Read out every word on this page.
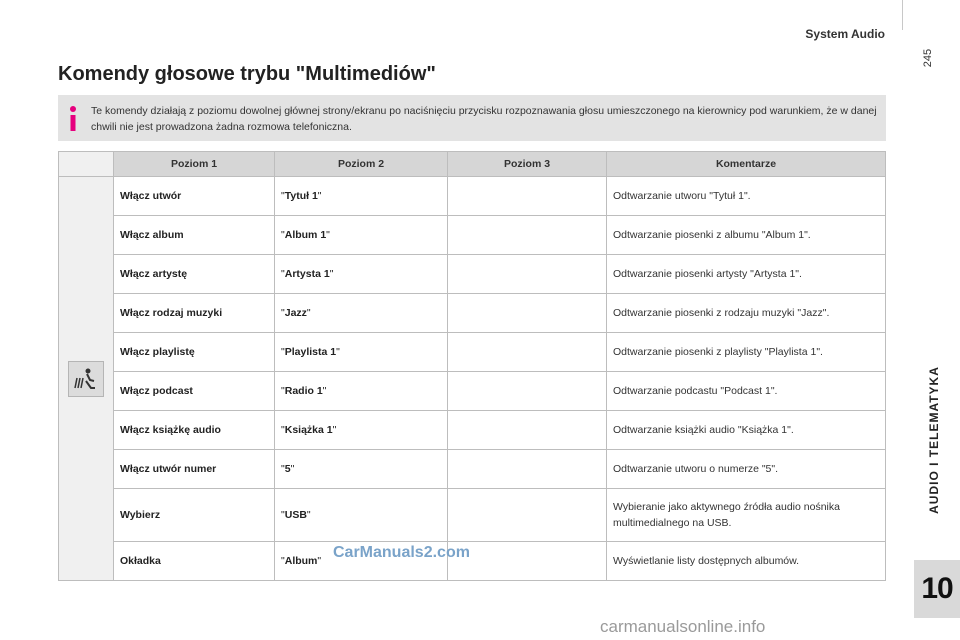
System Audio
245
AUDIO I TELEMATYKA
10
Komendy głosowe trybu "Multimediów"
Te komendy działają z poziomu dowolnej głównej strony/ekranu po naciśnięciu przycisku rozpoznawania głosu umieszczonego na kierownicy pod warunkiem, że w danej chwili nie jest prowadzona żadna rozmowa telefoniczna.
	Poziom 1	Poziom 2	Poziom 3	Komentarze

	Włącz utwór	"Tytuł 1"		Odtwarzanie utworu "Tytuł 1".
	Włącz album	"Album 1"		Odtwarzanie piosenki z albumu "Album 1".
	Włącz artystę	"Artysta 1"		Odtwarzanie piosenki artysty "Artysta 1".
	Włącz rodzaj muzyki	"Jazz"		Odtwarzanie piosenki z rodzaju muzyki "Jazz".
	Włącz playlistę	"Playlista 1"		Odtwarzanie piosenki z playlisty "Playlista 1".
	Włącz podcast	"Radio 1"		Odtwarzanie podcastu "Podcast 1".
	Włącz książkę audio	"Książka 1"		Odtwarzanie książki audio "Książka 1".
	Włącz utwór numer	"5"		Odtwarzanie utworu o numerze "5".
	Wybierz	"USB"		Wybieranie jako aktywnego źródła audio nośnika multimedialnego na USB.
	Okładka	"Album"		Wyświetlanie listy dostępnych albumów.
CarManuals2.com
carmanualsonline.info
